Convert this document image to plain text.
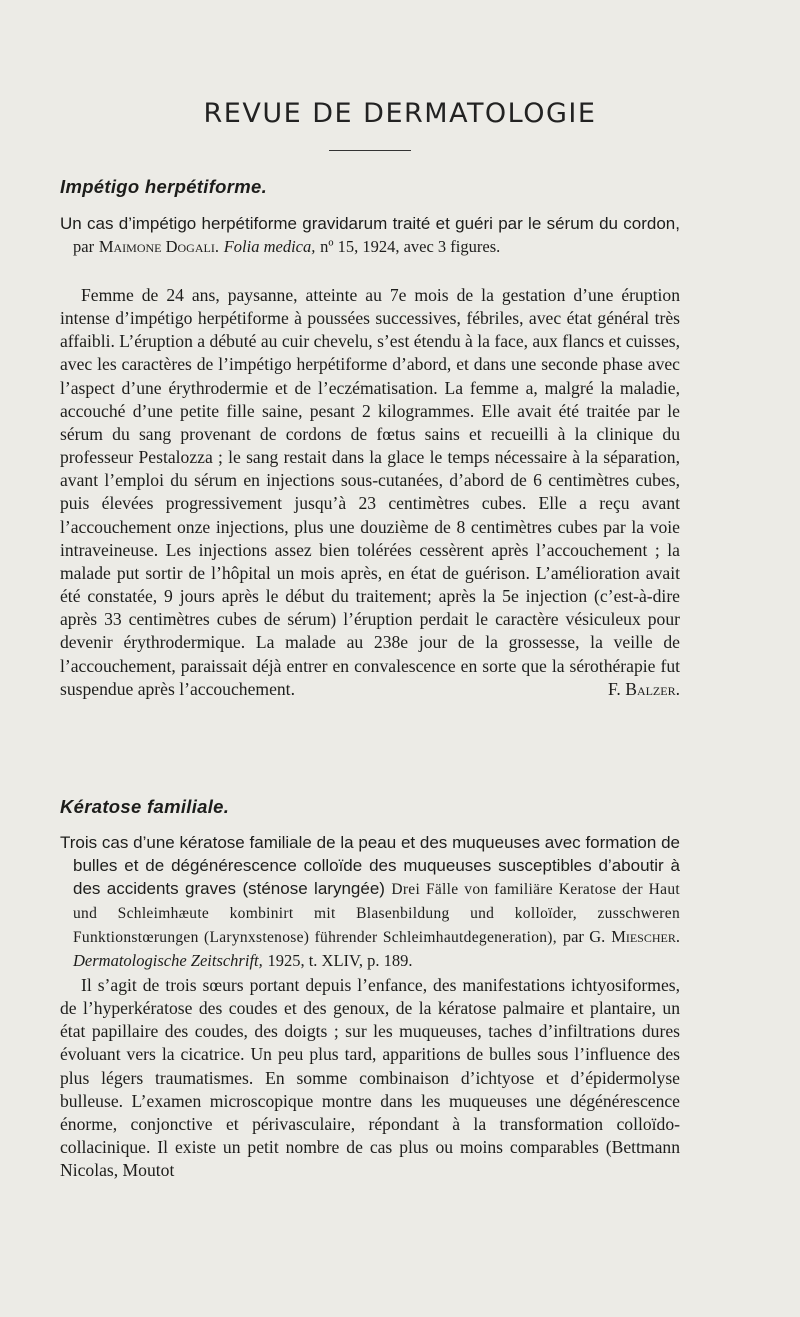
REVUE DE DERMATOLOGIE
Impétigo herpétiforme.
Un cas d’impétigo herpétiforme gravidarum traité et guéri par le sérum du cordon, par Maimone Dogali. Folia medica, nº 15, 1924, avec 3 figures.
Femme de 24 ans, paysanne, atteinte au 7e mois de la gestation d’une éruption intense d’impétigo herpétiforme à poussées successives, fébriles, avec état général très affaibli. L’éruption a débuté au cuir chevelu, s’est étendu à la face, aux flancs et cuisses, avec les caractères de l’impétigo herpétiforme d’abord, et dans une seconde phase avec l’aspect d’une érythrodermie et de l’eczématisation. La femme a, malgré la maladie, accouché d’une petite fille saine, pesant 2 kilogrammes. Elle avait été traitée par le sérum du sang provenant de cordons de fœtus sains et recueilli à la clinique du professeur Pestalozza ; le sang restait dans la glace le temps nécessaire à la séparation, avant l’emploi du sérum en injections sous-cutanées, d’abord de 6 centimètres cubes, puis élevées progressivement jusqu’à 23 centimètres cubes. Elle a reçu avant l’accouchement onze injections, plus une douzième de 8 centimètres cubes par la voie intraveineuse. Les injections assez bien tolérées cessèrent après l’accouchement ; la malade put sortir de l’hôpital un mois après, en état de guérison. L’amélioration avait été constatée, 9 jours après le début du traitement; après la 5e injection (c’est-à-dire après 33 centimètres cubes de sérum) l’éruption perdait le caractère vésiculeux pour devenir érythrodermique. La malade au 238e jour de la grossesse, la veille de l’accouchement, paraissait déjà entrer en convalescence en sorte que la sérothérapie fut suspendue après l’accouchement.	F. Balzer.
Kératose familiale.
Trois cas d’une kératose familiale de la peau et des muqueuses avec formation de bulles et de dégénérescence colloïde des muqueuses susceptibles d’aboutir à des accidents graves (sténose laryngée) Drei Fälle von familiäre Keratose der Haut und Schleimhæute kombinirt mit Blasenbildung und kolloïder, zusschweren Funktionstœrungen (Larynxstenose) führender Schleimhautdegeneration), par G. Miescher. Dermatologische Zeitschrift, 1925, t. XLIV, p. 189.
Il s’agit de trois sœurs portant depuis l’enfance, des manifestations ichtyosiformes, de l’hyperkératose des coudes et des genoux, de la kératose palmaire et plantaire, un état papillaire des coudes, des doigts ; sur les muqueuses, taches d’infiltrations dures évoluant vers la cicatrice. Un peu plus tard, apparitions de bulles sous l’influence des plus légers traumatismes. En somme combinaison d’ichtyose et d’épidermolyse bulleuse. L’examen microscopique montre dans les muqueuses une dégénérescence énorme, conjonctive et périvasculaire, répondant à la transformation colloïdo-collacinique. Il existe un petit nombre de cas plus ou moins comparables (Bettmann Nicolas, Moutot
